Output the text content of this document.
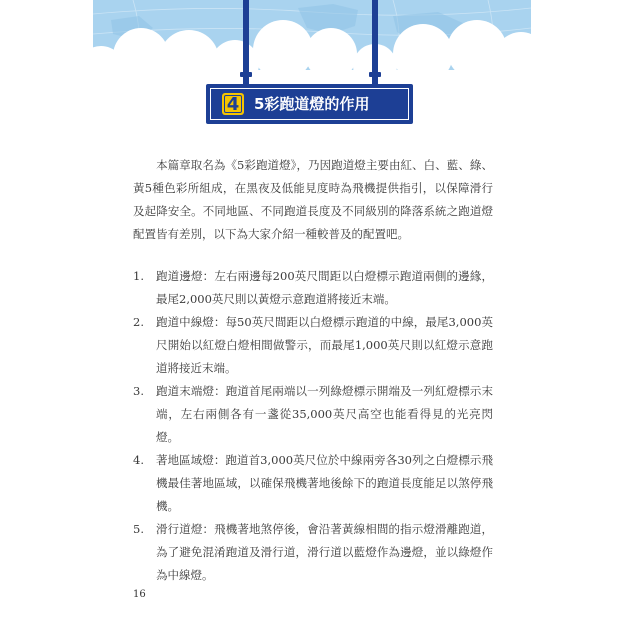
4 5彩跑道燈的作用

本篇章取名為《5彩跑道燈》，乃因跑道燈主要由紅、白、藍、綠、黃5種色彩所組成，在黑夜及低能見度時為飛機提供指引，以保障滑行及起降安全。不同地區、不同跑道長度及不同級別的降落系統之跑道燈配置皆有差別，以下為大家介紹一種較普及的配置吧。

1. 跑道邊燈：左右兩邊每200英尺間距以白燈標示跑道兩側的邊緣，最尾2,000英尺則以黃燈示意跑道將接近末端。
2. 跑道中線燈：每50英尺間距以白燈標示跑道的中線，最尾3,000英尺開始以紅燈白燈相間做警示，而最尾1,000英尺則以紅燈示意跑道將接近末端。
3. 跑道末端燈：跑道首尾兩端以一列綠燈標示開端及一列紅燈標示末端，左右兩側各有一盞從35,000英尺高空也能看得見的光亮閃燈。
4. 著地區域燈：跑道首3,000英尺位於中線兩旁各30列之白燈標示飛機最佳著地區域，以確保飛機著地後餘下的跑道長度能足以煞停飛機。
5. 滑行道燈：飛機著地煞停後，會沿著黃線相間的指示燈滑離跑道，為了避免混淆跑道及滑行道，滑行道以藍燈作為邊燈，並以綠燈作為中線燈。
16
